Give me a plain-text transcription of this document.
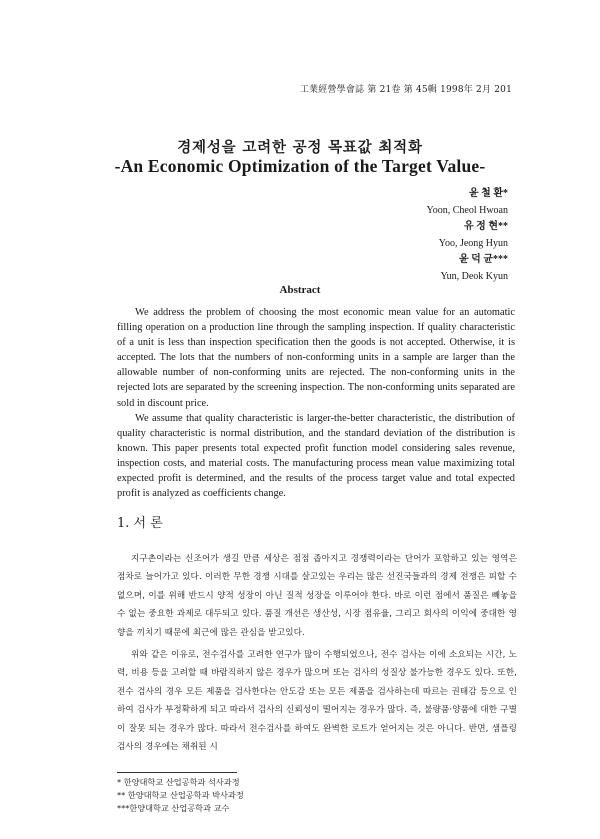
工業經營學會誌 第 21卷 第 45輯 1998年 2月 201
경제성을 고려한 공정 목표값 최적화
-An Economic Optimization of the Target Value-
윤 철 환*
Yoon, Cheol Hwoan
유 정 현**
Yoo, Jeong Hyun
윤 덕 균***
Yun, Deok Kyun
Abstract

We address the problem of choosing the most economic mean value for an automatic filling operation on a production line through the sampling inspection. If quality characteristic of a unit is less than inspection specification then the goods is not accepted. Otherwise, it is accepted. The lots that the numbers of non-conforming units in a sample are larger than the allowable number of non-conforming units are rejected. The non-conforming units in the rejected lots are separated by the screening inspection. The non-conforming units separated are sold in discount price.

We assume that quality characteristic is larger-the-better characteristic, the distribution of quality characteristic is normal distribution, and the standard deviation of the distribution is known. This paper presents total expected profit function model considering sales revenue, inspection costs, and material costs. The manufacturing process mean value maximizing total expected profit is determined, and the results of the process target value and total expected profit is analyzed as coefficients change.

1. 서 론

지구촌이라는 신조어가 생길 만큼 세상은 점점 좁아지고 경쟁력이라는 단어가 포함하고 있는 영역은 점차로 늘어가고 있다. 이러한 무한 경쟁 시대를 살고있는 우리는 많은 선진국들과의 경제 전쟁은 피할 수 없으며, 이를 위해 반드시 양적 성장이 아닌 질적 성장을 이루어야 한다. 바로 이런 점에서 품질은 빼놓을 수 없는 중요한 과제로 대두되고 있다. 품질 개선은 생산성, 시장 점유율, 그리고 회사의 이익에 중대한 영향을 끼치기 때문에 최근에 많은 관심을 받고있다.

위와 같은 이유로, 전수검사를 고려한 연구가 많이 수행되었으나, 전수 검사는 이에 소요되는 시간, 노력, 비용 등을 고려할 때 바람직하지 않은 경우가 많으며 또는 검사의 성질상 불가능한 경우도 있다. 또한, 전수 검사의 경우 모든 제품을 검사한다는 안도감 또는 모든 제품을 검사하는데 따르는 권태감 등으로 인하여 검사가 부정확하게 되고 따라서 검사의 신뢰성이 떨어지는 경우가 많다. 즉, 불량품·양품에 대한 구별이 잘못 되는 경우가 많다. 따라서 전수검사를 하여도 완벽한 로트가 얻어지는 것은 아니다. 반면, 샘플링 검사의 경우에는 채취된 시

* 한양대학교 산업공학과 석사과정
** 한양대학교 산업공학과 박사과정
***한양대학교 산업공학과 교수
